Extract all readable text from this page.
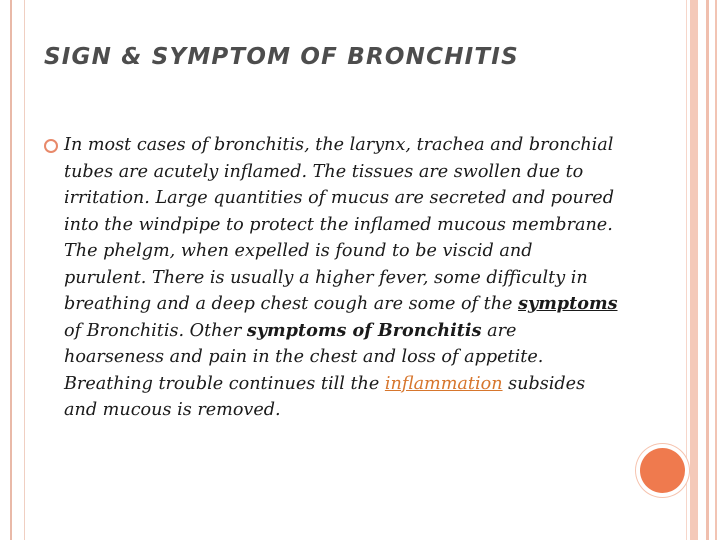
SIGN & SYMPTOM OF BRONCHITIS
In most cases of bronchitis, the larynx, trachea and bronchial tubes are acutely inflamed. The tissues are swollen due to irritation. Large quantities of mucus are secreted and poured into the windpipe to protect the inflamed mucous membrane. The phelgm, when expelled is found to be viscid and purulent. There is usually a higher fever, some difficulty in breathing and a deep chest cough are some of the symptoms of Bronchitis. Other symptoms of Bronchitis are hoarseness and pain in the chest and loss of appetite. Breathing trouble continues till the inflammation subsides and mucous is removed.
